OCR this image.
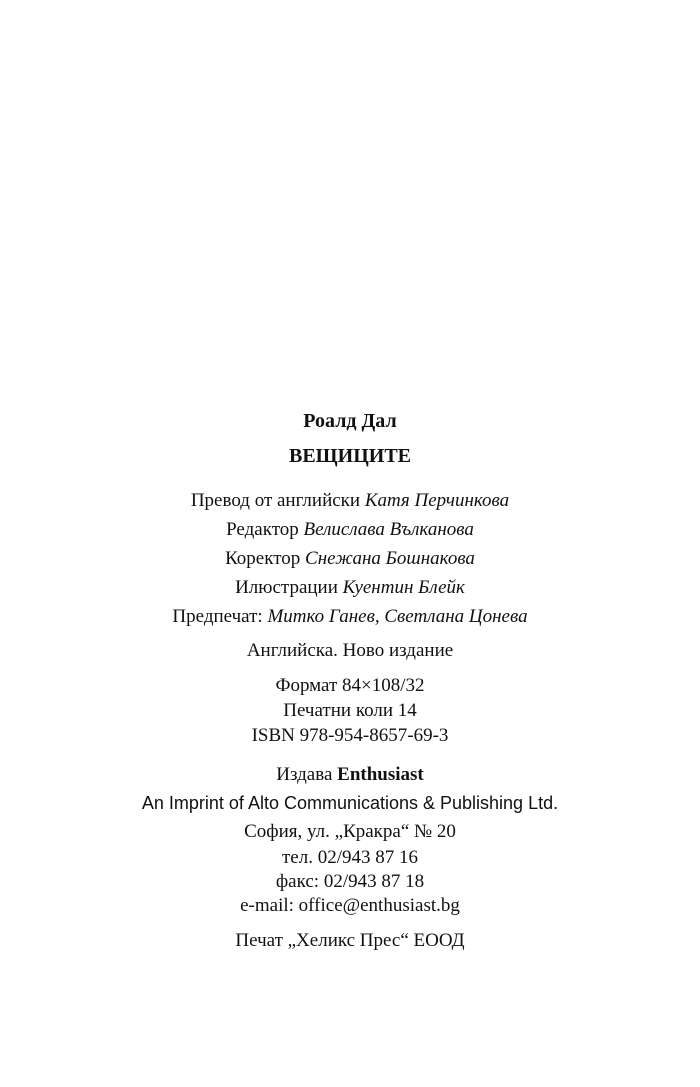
Роалд Дал
ВЕЩИЦИТЕ
Превод от английски Катя Перчинкова
Редактор Велислава Вълканова
Коректор Снежана Бошнакова
Илюстрации Куентин Блейк
Предпечат: Митко Ганев, Светлана Цонева
Английска. Ново издание
Формат 84×108/32
Печатни коли 14
ISBN 978-954-8657-69-3
Издава Enthusiast
An Imprint of Alto Communications & Publishing Ltd.
София, ул. „Кракра“ № 20
тел. 02/943 87 16
факс: 02/943 87 18
e-mail: office@enthusiast.bg
Печат „Хеликс Прес“ ЕООД
